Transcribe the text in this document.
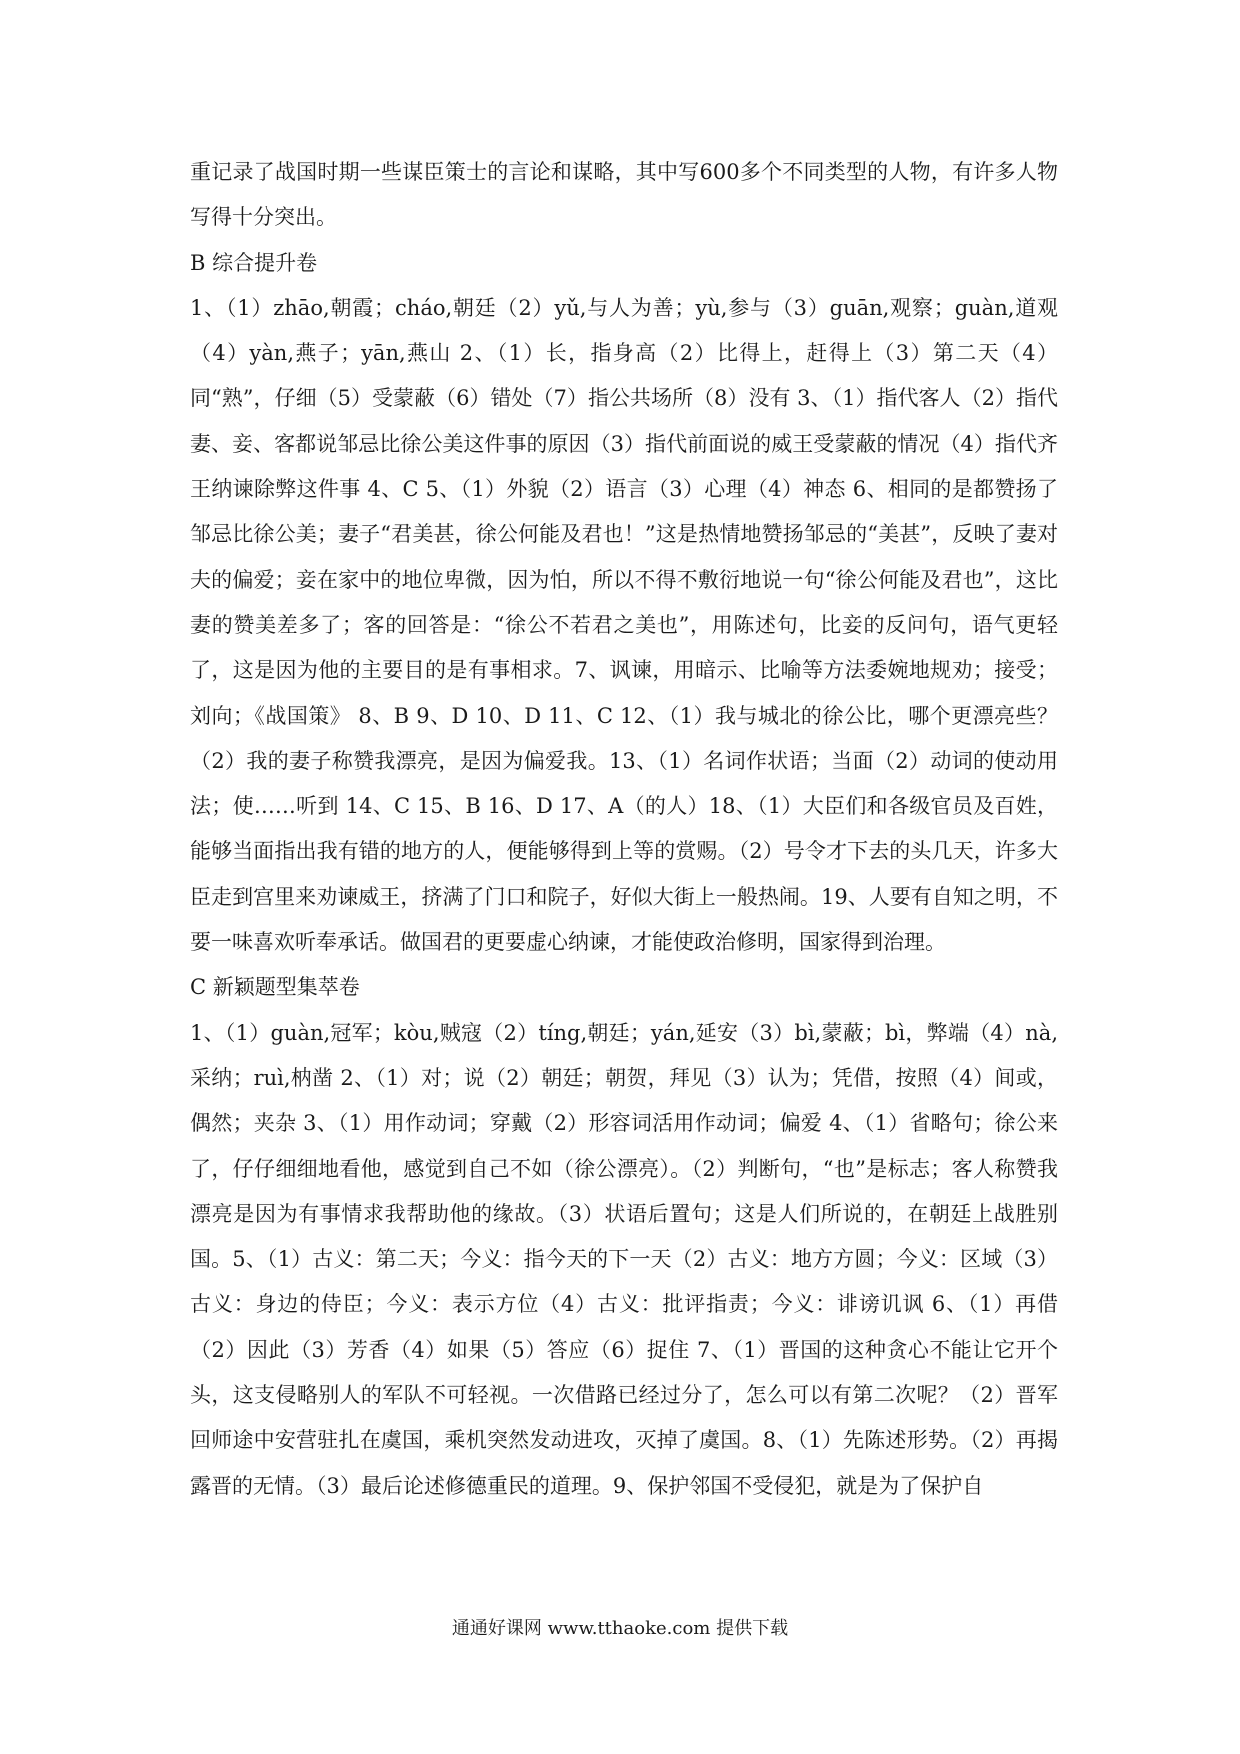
重记录了战国时期一些谋臣策士的言论和谋略，其中写600多个不同类型的人物，有许多人物写得十分突出。

B 综合提升卷

1、（1）zhāo,朝霞；cháo,朝廷（2）yǔ,与人为善；yù,参与（3）guān,观察；guàn,道观（4）yàn,燕子；yān,燕山 2、（1）长，指身高（2）比得上，赶得上（3）第二天（4）同“熟”，仔细（5）受蒙蔽（6）错处（7）指公共场所（8）没有 3、（1）指代客人（2）指代妻、妾、客都说邹忌比徐公美这件事的原因（3）指代前面说的威王受蒙蔽的情况（4）指代齐王纳谏除弊这件事 4、C 5、（1）外貌（2）语言（3）心理（4）神态 6、相同的是都赞扬了邹忌比徐公美；妻子“君美甚，徐公何能及君也！”这是热情地赞扬邹忌的“美甚”，反映了妻对夫的偏爱；妾在家中的地位卑微，因为怕，所以不得不敷衍地说一句“徐公何能及君也”，这比妻的赞美差多了；客的回答是：“徐公不若君之美也”，用陈述句，比妾的反问句，语气更轻了，这是因为他的主要目的是有事相求。7、讽谏，用暗示、比喻等方法委婉地规劝；接受；刘向；《战国策》 8、B 9、D 10、D 11、C 12、（1）我与城北的徐公比，哪个更漂亮些？（2）我的妻子称赞我漂亮，是因为偏爱我。13、（1）名词作状语；当面（2）动词的使动用法；使……听到 14、C 15、B 16、D 17、A（的人）18、（1）大臣们和各级官员及百姓，能够当面指出我有错的地方的人，便能够得到上等的赏赐。（2）号令才下去的头几天，许多大臣走到宫里来劝谏威王，挤满了门口和院子，好似大街上一般热闹。19、人要有自知之明，不要一味喜欢听奉承话。做国君的更要虚心纳谏，才能使政治修明，国家得到治理。

C 新颖题型集萃卷

1、（1）guàn,冠军；kòu,贼寇（2）tíng,朝廷；yán,延安（3）bì,蒙蔽；bì，弊端（4）nà,采纳；ruì,枘凿 2、（1）对；说（2）朝廷；朝贺，拜见（3）认为；凭借，按照（4）间或，偶然；夹杂 3、（1）用作动词；穿戴（2）形容词活用作动词；偏爱 4、（1）省略句；徐公来了，仔仔细细地看他，感觉到自己不如（徐公漂亮）。（2）判断句，“也”是标志；客人称赞我漂亮是因为有事情求我帮助他的缘故。（3）状语后置句；这是人们所说的，在朝廷上战胜别国。5、（1）古义：第二天；今义：指今天的下一天（2）古义：地方方圆；今义：区域（3）古义：身边的侍臣；今义：表示方位（4）古义：批评指责；今义：诽谤讥讽 6、（1）再借（2）因此（3）芳香（4）如果（5）答应（6）捉住 7、（1）晋国的这种贪心不能让它开个头，这支侵略别人的军队不可轻视。一次借路已经过分了，怎么可以有第二次呢？（2）晋军回师途中安营驻扎在虞国，乘机突然发动进攻，灭掉了虞国。8、（1）先陈述形势。（2）再揭露晋的无情。（3）最后论述修德重民的道理。9、保护邻国不受侵犯，就是为了保护自

通通好课网 www.tthaoke.com 提供下载
